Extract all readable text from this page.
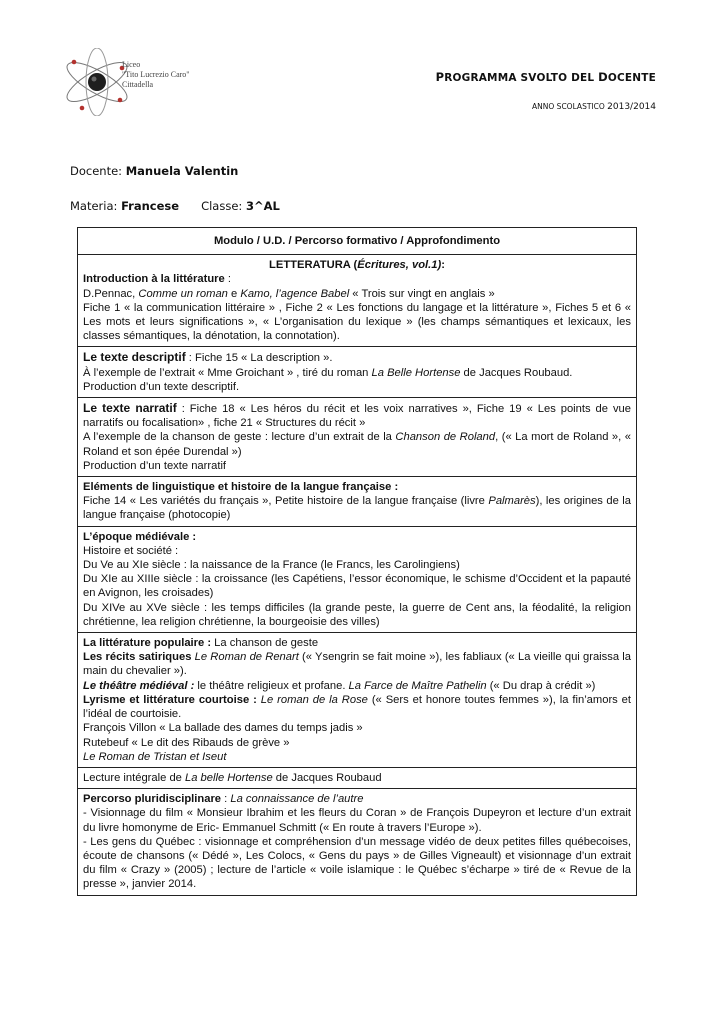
Liceo
"Tito Lucrezio Caro"
Cittadella
PROGRAMMA SVOLTO DEL DOCENTE
ANNO SCOLASTICO 2013/2014
Docente: Manuela Valentin
Materia: Francese Classe: 3^AL
Modulo / U.D. / Percorso formativo / Approfondimento

LETTERATURA (Écritures, vol.1):

Introduction à la littérature :

D.Pennac, Comme un roman e Kamo, l’agence Babel « Trois sur vingt en anglais »

Fiche 1 « la communication littéraire » , Fiche 2 « Les fonctions du langage et la littérature », Fiches 5 et 6 « Les mots et leurs significations », « L’organisation du lexique » (les champs sémantiques et lexicaux, les classes sémantiques, la dénotation, la connotation).

Le texte descriptif : Fiche 15 « La description ».

À l’exemple de l’extrait « Mme Groichant » , tiré du roman La Belle Hortense de Jacques Roubaud.

Production d’un texte descriptif.

Le texte narratif : Fiche 18 « Les héros du récit et les voix narratives », Fiche 19 « Les points de vue narratifs ou focalisation» , fiche 21 « Structures du récit »

A l’exemple de la chanson de geste : lecture d’un extrait de la Chanson de Roland, (« La mort de Roland », « Roland et son épée Durendal »)

Production d’un texte narratif

Eléments de linguistique et histoire de la langue française :

Fiche 14 « Les variétés du français », Petite histoire de la langue française (livre Palmarès), les origines de la langue française (photocopie)

L’époque médiévale :

Histoire et société :

Du Ve au XIe siècle : la naissance de la France (le Francs, les Carolingiens)

Du XIe au XIIIe siècle : la croissance (les Capétiens, l’essor économique, le schisme d’Occident et la papauté en Avignon, les croisades)

Du XIVe au XVe siècle : les temps difficiles (la grande peste, la guerre de Cent ans, la féodalité, la religion chrétienne, lea religion chrétienne, la bourgeoisie des villes)

La littérature populaire : La chanson de geste

Les récits satiriques Le Roman de Renart (« Ysengrin se fait moine »), les fabliaux (« La vieille qui graissa la main du chevalier »).

Le théâtre médiéval : le théâtre religieux et profane. La Farce de Maître Pathelin (« Du drap à crédit »)

Lyrisme et littérature courtoise : Le roman de la Rose (« Sers et honore toutes femmes »), la fin’amors et l’idéal de courtoisie.

François Villon « La ballade des dames du temps jadis »

Rutebeuf « Le dit des Ribauds de grève »

Le Roman de Tristan et Iseut

Lecture intégrale de La belle Hortense de Jacques Roubaud

Percorso pluridisciplinare : La connaissance de l’autre

- Visionnage du film « Monsieur Ibrahim et les fleurs du Coran » de François Dupeyron et lecture d’un extrait du livre homonyme de Eric- Emmanuel Schmitt (« En route à travers l’Europe »).

- Les gens du Québec : visionnage et compréhension d’un message vidéo de deux petites filles québecoises, écoute de chansons (« Dédé », Les Colocs, « Gens du pays » de Gilles Vigneault) et visionnage d’un extrait du film « Crazy » (2005) ; lecture de l’article « voile islamique : le Québec s’écharpe » tiré de « Revue de la presse », janvier 2014.
